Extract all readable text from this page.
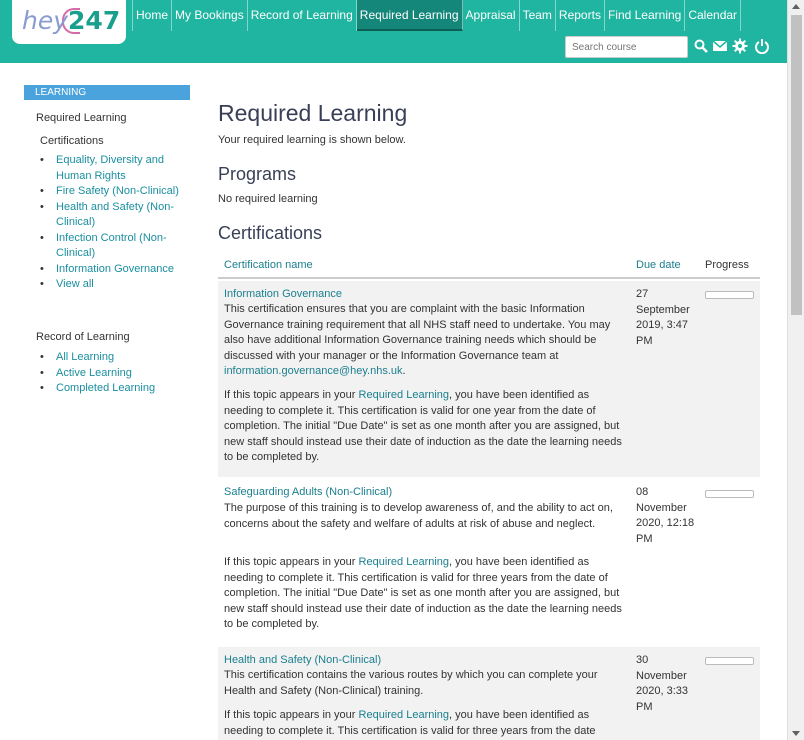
hey247	Home My Bookings Record of Learning Required Learning Appraisal Team Reports Find Learning Calendar
Search course
LEARNING
Required Learning
Certifications
• Equality, Diversity and Human Rights
• Fire Safety (Non-Clinical)
• Health and Safety (Non-Clinical)
• Infection Control (Non-Clinical)
• Information Governance
• View all
Record of Learning
• All Learning
• Active Learning
• Completed Learning
Required Learning
Your required learning is shown below.
Programs
No required learning
Certifications
Certification name	Due date Progress
Information Governance
This certification ensures that you are complaint with the basic Information Governance training requirement that all NHS staff need to undertake. You may also have additional Information Governance training needs which should be discussed with your manager or the Information Governance team at information.governance@hey.nhs.uk.
If this topic appears in your Required Learning, you have been identified as needing to complete it. This certification is valid for one year from the date of completion. The initial "Due Date" is set as one month after you are assigned, but new staff should instead use their date of induction as the date the learning needs to be completed by.
27 September 2019, 3:47 PM
Safeguarding Adults (Non-Clinical)
The purpose of this training is to develop awareness of, and the ability to act on, concerns about the safety and welfare of adults at risk of abuse and neglect.
If this topic appears in your Required Learning, you have been identified as needing to complete it. This certification is valid for three years from the date of completion. The initial "Due Date" is set as one month after you are assigned, but new staff should instead use their date of induction as the date the learning needs to be completed by.
08 November 2020, 12:18 PM
Health and Safety (Non-Clinical)
This certification contains the various routes by which you can complete your Health and Safety (Non-Clinical) training.
If this topic appears in your Required Learning, you have been identified as needing to complete it. This certification is valid for three years from the date
30 November 2020, 3:33 PM
